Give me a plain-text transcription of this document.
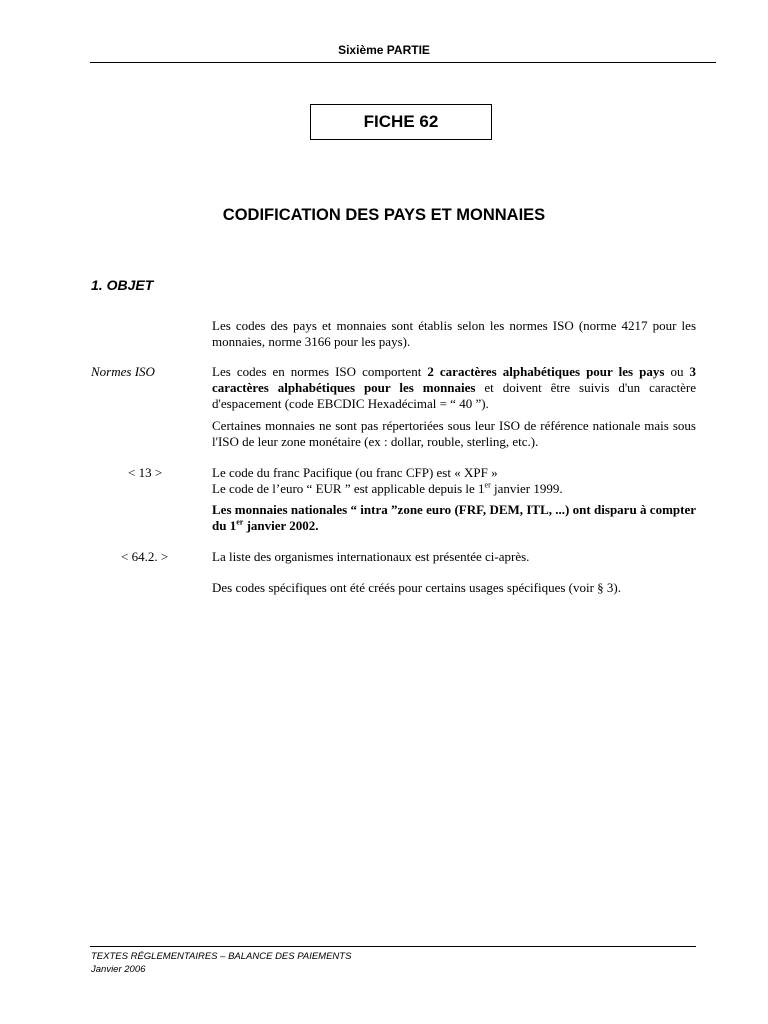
Sixième PARTIE
FICHE 62
CODIFICATION DES PAYS ET MONNAIES
1. OBJET
Normes ISO
< 13 >
< 64.2. >
Les codes des pays et monnaies sont établis selon les normes ISO (norme 4217 pour les monnaies, norme 3166 pour les pays).
Les codes en normes ISO comportent 2 caractères alphabétiques pour les pays ou 3 caractères alphabétiques pour les monnaies et doivent être suivis d'un caractère d'espacement (code EBCDIC Hexadécimal = “ 40 ”).
Certaines monnaies ne sont pas répertoriées sous leur ISO de référence nationale mais sous l'ISO de leur zone monétaire (ex : dollar, rouble, sterling, etc.).
Le code du franc Pacifique (ou franc CFP) est « XPF »
Le code de l’euro “ EUR ” est applicable depuis le 1er janvier 1999.
Les monnaies nationales “ intra ”zone euro (FRF, DEM, ITL, ...) ont disparu à compter du 1er janvier 2002.
La liste des organismes internationaux est présentée ci-après.
Des codes spécifiques ont été créés pour certains usages spécifiques (voir § 3).
TEXTES RÉGLEMENTAIRES – BALANCE DES PAIEMENTS
Janvier 2006
